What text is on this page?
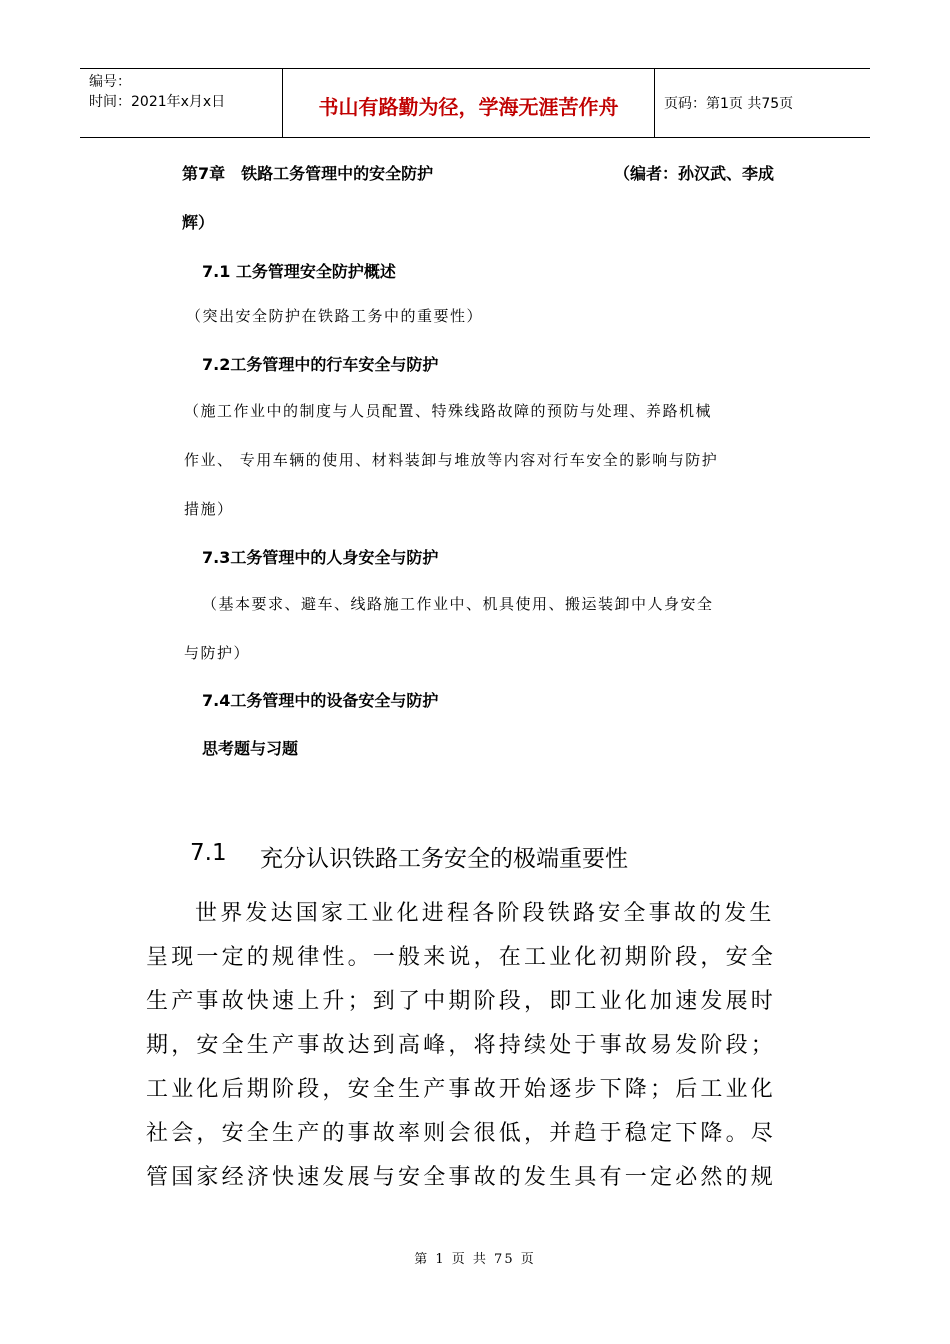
编号：
时间：2021年x月x日	书山有路勤为径，学海无涯苦作舟	页码：第1页 共75页
第7章　铁路工务管理中的安全防护	（编者：孙汉武、李成
辉）
7.1 工务管理安全防护概述
（突出安全防护在铁路工务中的重要性）
7.2工务管理中的行车安全与防护
（施工作业中的制度与人员配置、特殊线路故障的预防与处理、养路机械
作业、 专用车辆的使用、材料装卸与堆放等内容对行车安全的影响与防护
措施）
7.3工务管理中的人身安全与防护
（基本要求、避车、线路施工作业中、机具使用、搬运装卸中人身安全
与防护）
7.4工务管理中的设备安全与防护
思考题与习题
7.1 充分认识铁路工务安全的极端重要性
世界发达国家工业化进程各阶段铁路安全事故的发生
呈现一定的规律性。一般来说，在工业化初期阶段，安全
生产事故快速上升；到了中期阶段，即工业化加速发展时
期，安全生产事故达到高峰，将持续处于事故易发阶段；
工业化后期阶段，安全生产事故开始逐步下降；后工业化
社会，安全生产的事故率则会很低，并趋于稳定下降。尽
管国家经济快速发展与安全事故的发生具有一定必然的规
第 1 页 共 75 页
